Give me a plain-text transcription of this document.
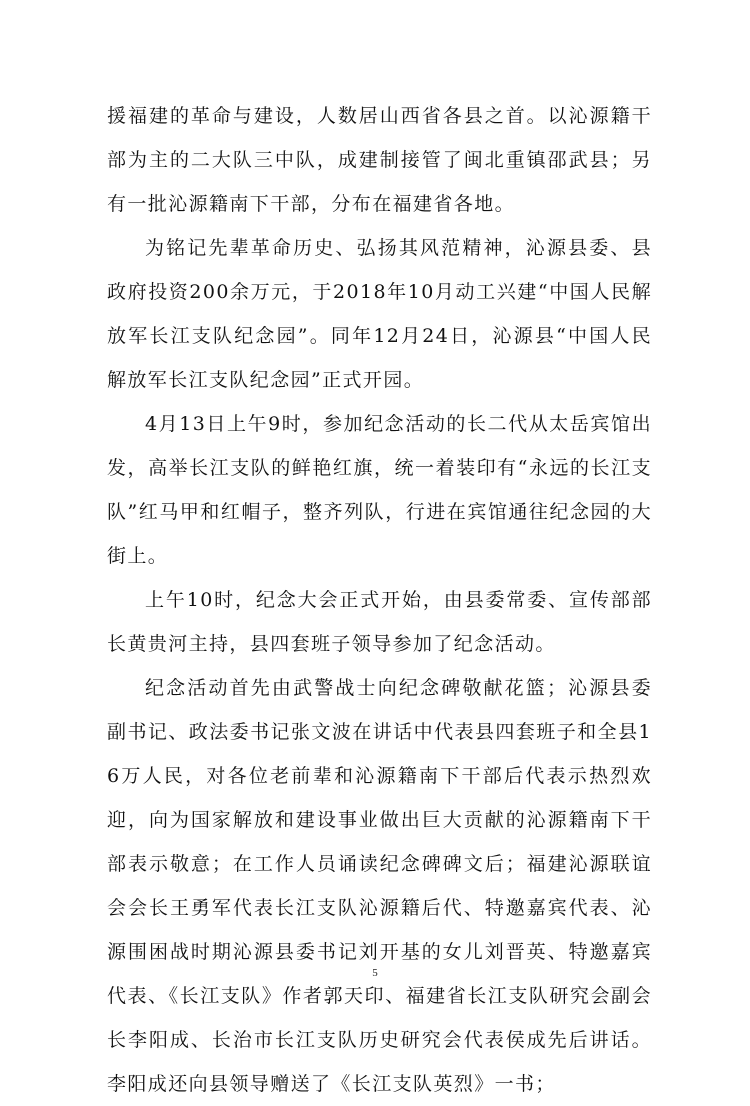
援福建的革命与建设，人数居山西省各县之首。以沁源籍干部为主的二大队三中队，成建制接管了闽北重镇邵武县；另有一批沁源籍南下干部，分布在福建省各地。

为铭记先辈革命历史、弘扬其风范精神，沁源县委、县政府投资200余万元，于2018年10月动工兴建“中国人民解放军长江支队纪念园”。同年12月24日，沁源县“中国人民解放军长江支队纪念园”正式开园。

4月13日上午9时，参加纪念活动的长二代从太岳宾馆出发，高举长江支队的鲜艳红旗，统一着装印有“永远的长江支队”红马甲和红帽子，整齐列队，行进在宾馆通往纪念园的大街上。

上午10时，纪念大会正式开始，由县委常委、宣传部部长黄贵河主持，县四套班子领导参加了纪念活动。

纪念活动首先由武警战士向纪念碑敬献花篮；沁源县委副书记、政法委书记张文波在讲话中代表县四套班子和全县16万人民，对各位老前辈和沁源籍南下干部后代表示热烈欢迎，向为国家解放和建设事业做出巨大贡献的沁源籍南下干部表示敬意；在工作人员诵读纪念碑碑文后；福建沁源联谊会会长王勇军代表长江支队沁源籍后代、特邀嘉宾代表、沁源围困战时期沁源县委书记刘开基的女儿刘晋英、特邀嘉宾代表、《长江支队》作者郭天印、福建省长江支队研究会副会长李阳成、长治市长江支队历史研究会代表侯成先后讲话。李阳成还向县领导赠送了《长江支队英烈》一书；

5
